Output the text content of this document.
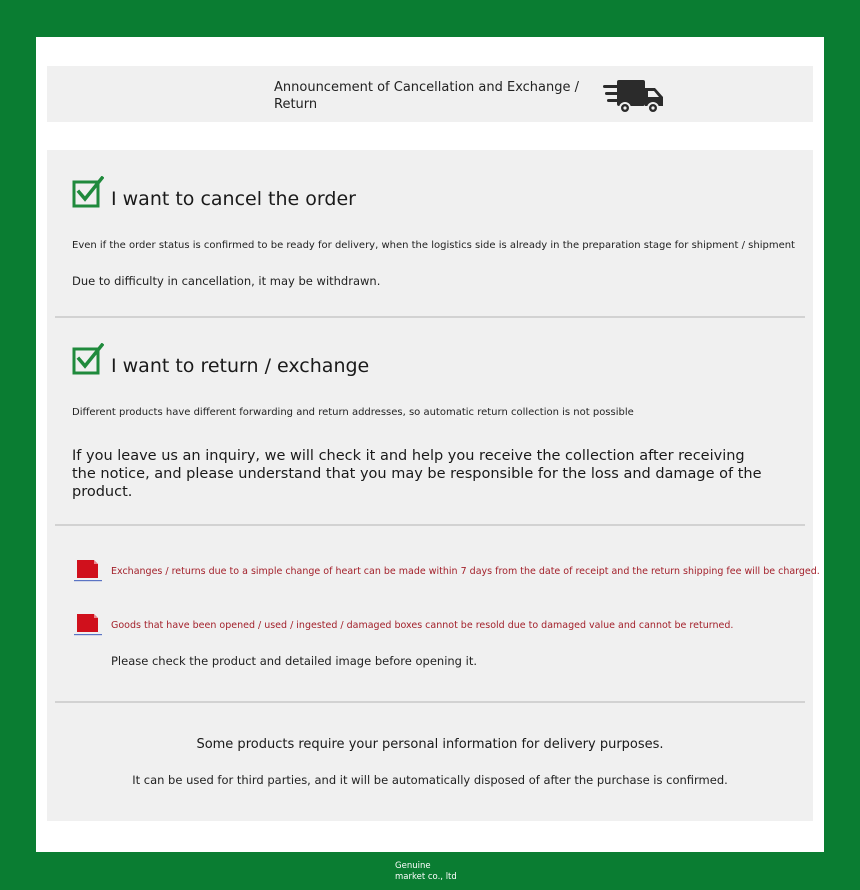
Announcement of Cancellation and Exchange / Return
I want to cancel the order
Even if the order status is confirmed to be ready for delivery, when the logistics side is already in the preparation stage for shipment / shipment
Due to difficulty in cancellation, it may be withdrawn.
I want to return / exchange
Different products have different forwarding and return addresses, so automatic return collection is not possible
If you leave us an inquiry, we will check it and help you receive the collection after receiving the notice, and please understand that you may be responsible for the loss and damage of the product.
Exchanges / returns due to a simple change of heart can be made within 7 days from the date of receipt and the return shipping fee will be charged.
Goods that have been opened / used / ingested / damaged boxes cannot be resold due to damaged value and cannot be returned.
Please check the product and detailed image before opening it.
Some products require your personal information for delivery purposes.
It can be used for third parties, and it will be automatically disposed of after the purchase is confirmed.
Genuine
market co., ltd
